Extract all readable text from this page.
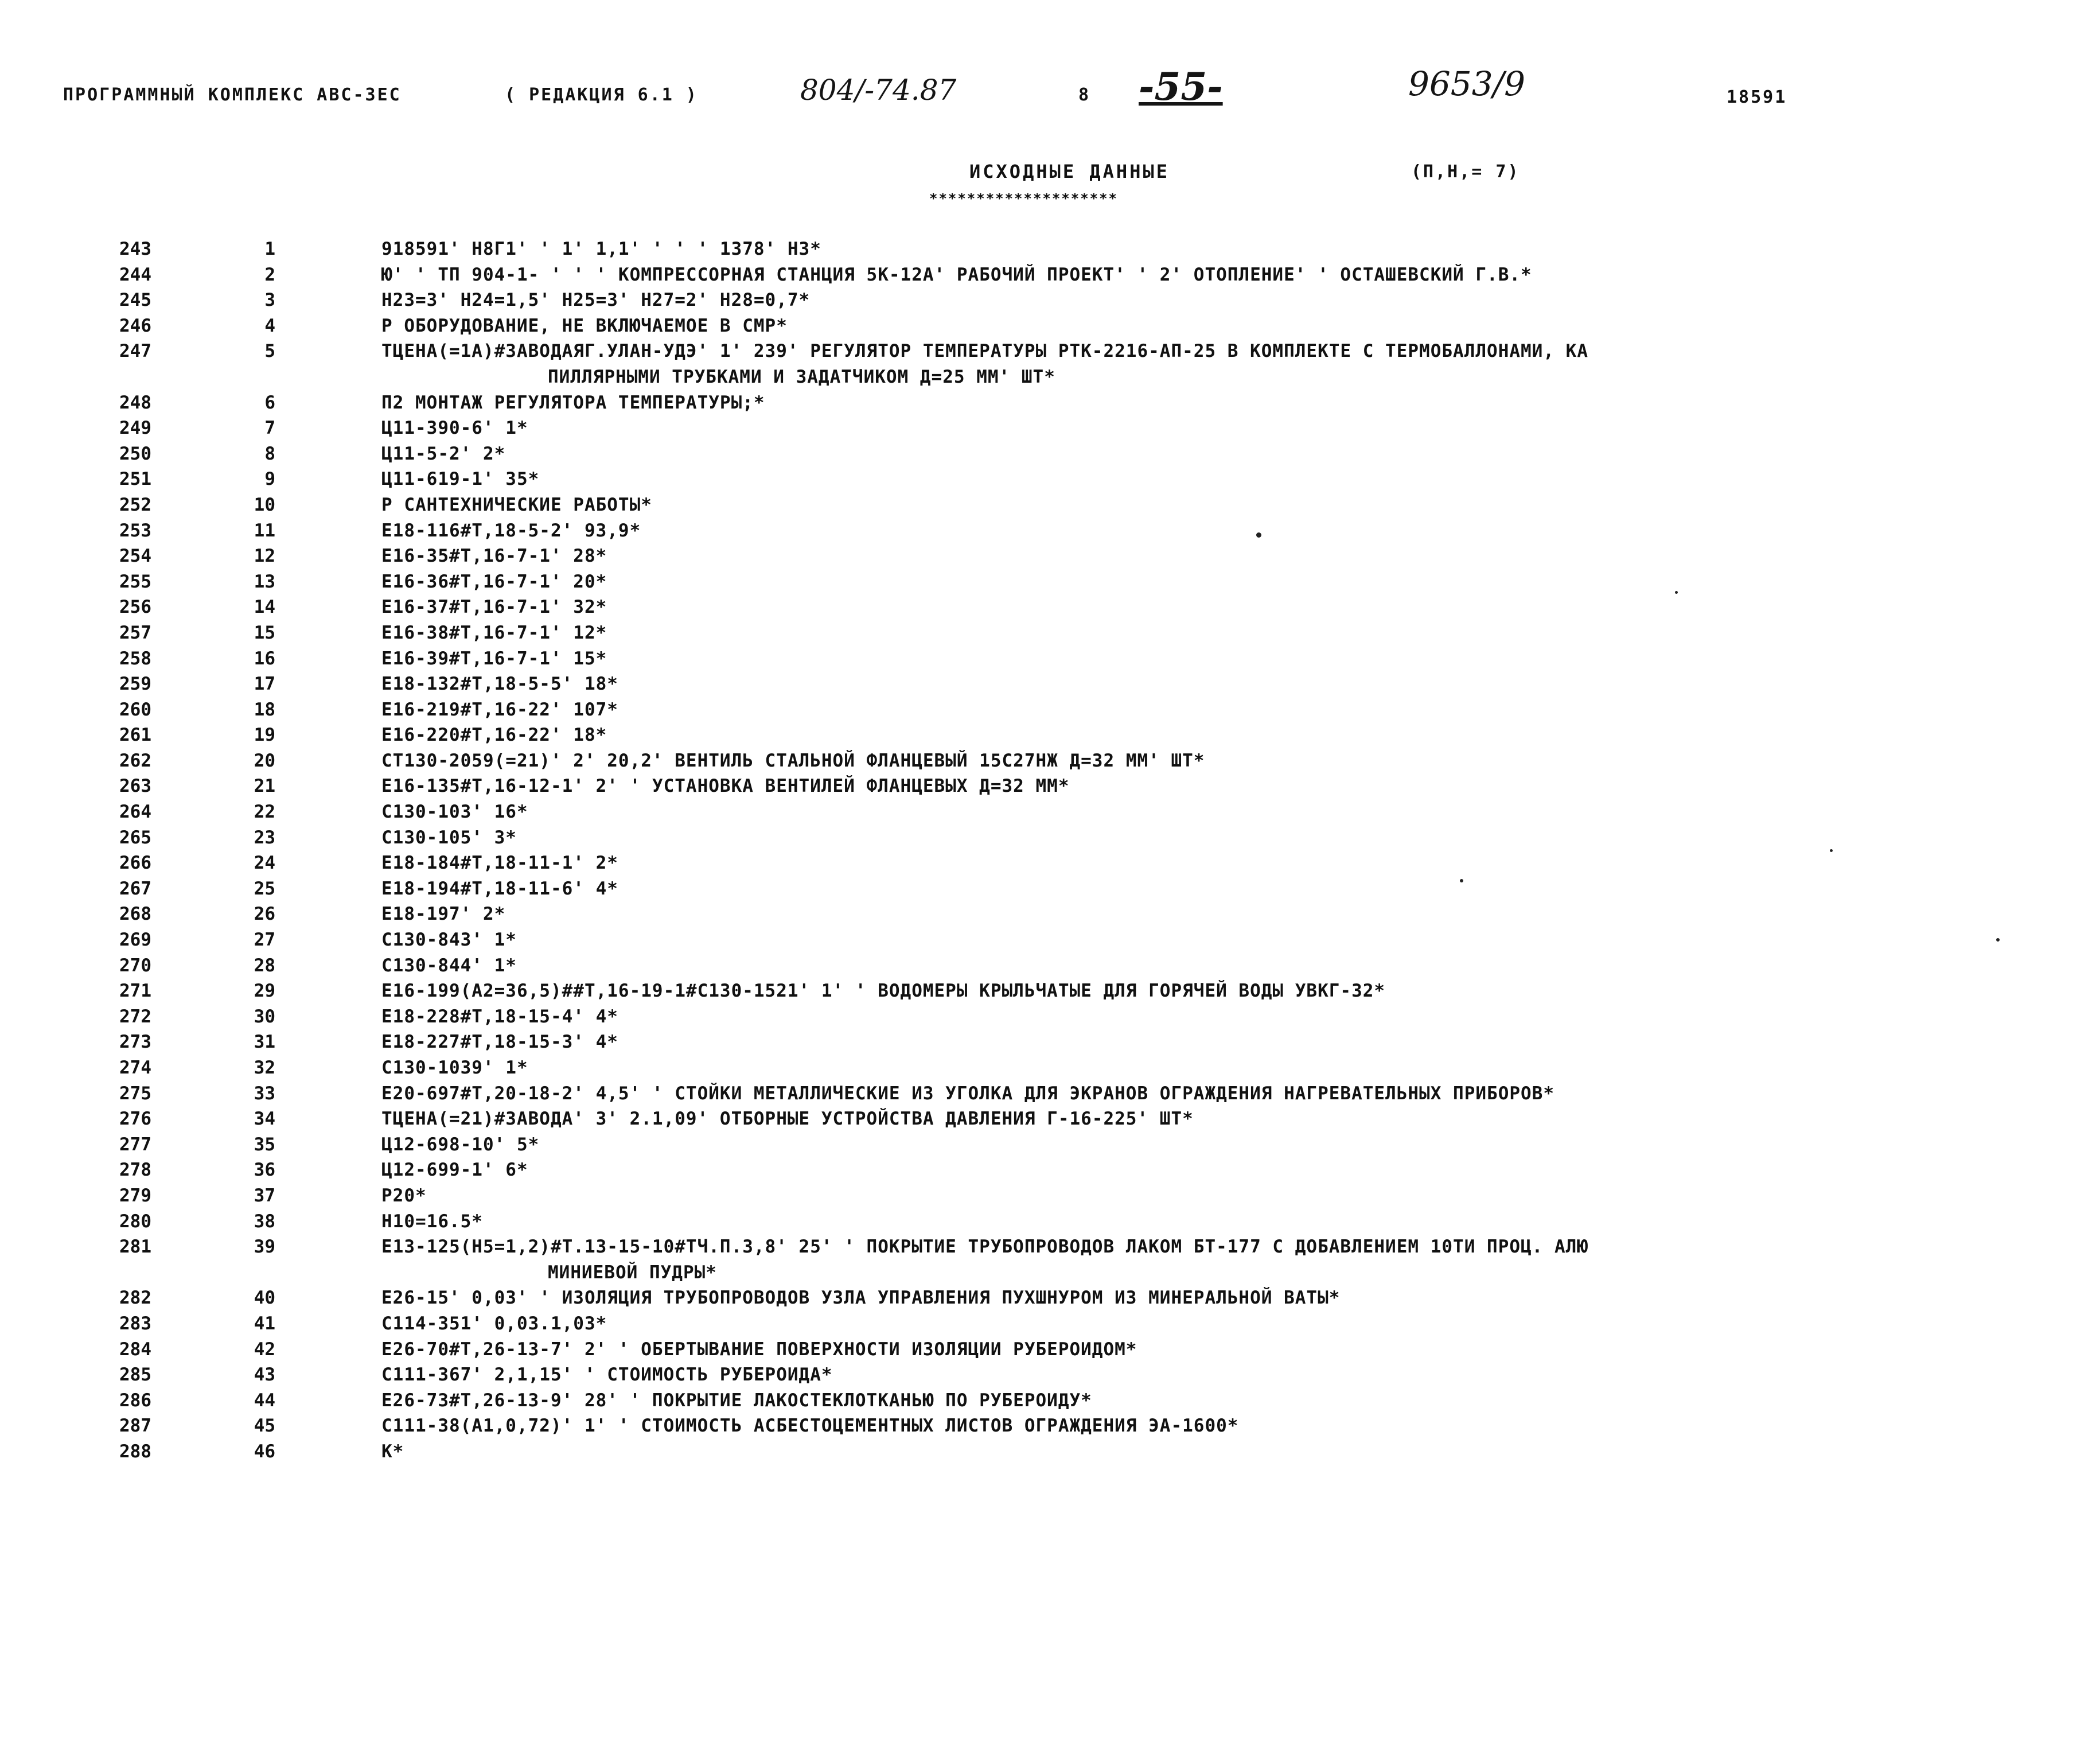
ПРОГРАММНЫЙ КОМПЛЕКС АВС-ЗЕС	( РЕДАКЦИЯ 6.1 )	804/-74.87	8 -55-	9653/9	18591
ИСХОДНЫЕ ДАННЫЕ
********************
(П,Н,= 7)
243	1	918591' Н8Г1' ' 1' 1,1' ' ' ' 1378' НЗ*
244	2	Ю' ' ТП 904-1- ' ' ' КОМПРЕССОРНАЯ СТАНЦИЯ 5К-12А' РАБОЧИЙ ПРОЕКТ' ' 2' ОТОПЛЕНИЕ' ' ОСТАШЕВСКИЙ Г.В.*
245	3	Н23=3' Н24=1,5' Н25=3' Н27=2' Н28=0,7*
246	4	Р ОБОРУДОВАНИЕ, НЕ ВКЛЮЧАЕМОЕ В СМР*
247	5	ТЦЕНА(=1А)#ЗАВОДАЯГ.УЛАН-УДЭ' 1' 239' РЕГУЛЯТОР ТЕМПЕРАТУРЫ РТК-2216-АП-25 В КОМПЛЕКТЕ С ТЕРМОБАЛЛОНАМИ, КА
ПИЛЛЯРНЫМИ ТРУБКАМИ И ЗАДАТЧИКОМ Д=25 ММ' ШТ*
248	6	П2 МОНТАЖ РЕГУЛЯТОРА ТЕМПЕРАТУРЫ;*
249	7	Ц11-390-6' 1*
250	8	Ц11-5-2' 2*
251	9	Ц11-619-1' 35*
252	10	Р САНТЕХНИЧЕСКИЕ РАБОТЫ*
253	11	Е18-116#Т,18-5-2' 93,9*
254	12	Е16-35#Т,16-7-1' 28*
255	13	Е16-36#Т,16-7-1' 20*
256	14	Е16-37#Т,16-7-1' 32*
257	15	Е16-38#Т,16-7-1' 12*
258	16	Е16-39#Т,16-7-1' 15*
259	17	Е18-132#Т,18-5-5' 18*
260	18	Е16-219#Т,16-22' 107*
261	19	Е16-220#Т,16-22' 18*
262	20	СТ130-2059(=21)' 2' 20,2' ВЕНТИЛЬ СТАЛЬНОЙ ФЛАНЦЕВЫЙ 15С27НЖ Д=32 ММ' ШТ*
263	21	Е16-135#Т,16-12-1' 2' ' УСТАНОВКА ВЕНТИЛЕЙ ФЛАНЦЕВЫХ Д=32 ММ*
264	22	С130-103' 16*
265	23	С130-105' 3*
266	24	Е18-184#Т,18-11-1' 2*
267	25	Е18-194#Т,18-11-6' 4*
268	26	Е18-197' 2*
269	27	С130-843' 1*
270	28	С130-844' 1*
271	29	Е16-199(А2=36,5)##Т,16-19-1#С130-1521' 1' ' ВОДОМЕРЫ КРЫЛЬЧАТЫЕ ДЛЯ ГОРЯЧЕЙ ВОДЫ УВКГ-32*
272	30	Е18-228#Т,18-15-4' 4*
273	31	Е18-227#Т,18-15-3' 4*
274	32	С130-1039' 1*
275	33	Е20-697#Т,20-18-2' 4,5' ' СТОЙКИ МЕТАЛЛИЧЕСКИЕ ИЗ УГОЛКА ДЛЯ ЭКРАНОВ ОГРАЖДЕНИЯ НАГРЕВАТЕЛЬНЫХ ПРИБОРОВ*
276	34	ТЦЕНА(=21)#ЗАВОДА' 3' 2.1,09' ОТБОРНЫЕ УСТРОЙСТВА ДАВЛЕНИЯ Г-16-225' ШТ*
277	35	Ц12-698-10' 5*
278	36	Ц12-699-1' 6*
279	37	Р20*
280	38	Н10=16.5*
281	39	Е13-125(Н5=1,2)#Т.13-15-10#ТЧ.П.3,8' 25' ' ПОКРЫТИЕ ТРУБОПРОВОДОВ ЛАКОМ БТ-177 С ДОБАВЛЕНИЕМ 10ТИ ПРОЦ. АЛЮ
МИНИЕВОЙ ПУДРЫ*
282	40	Е26-15' 0,03' ' ИЗОЛЯЦИЯ ТРУБОПРОВОДОВ УЗЛА УПРАВЛЕНИЯ ПУХШНУРОМ ИЗ МИНЕРАЛЬНОЙ ВАТЫ*
283	41	С114-351' 0,03.1,03*
284	42	Е26-70#Т,26-13-7' 2' ' ОБЕРТЫВАНИЕ ПОВЕРХНОСТИ ИЗОЛЯЦИИ РУБЕРОИДОМ*
285	43	С111-367' 2,1,15' ' СТОИМОСТЬ РУБЕРОИДА*
286	44	Е26-73#Т,26-13-9' 28' ' ПОКРЫТИЕ ЛАКОСТЕКЛОТКАНЬЮ ПО РУБЕРОИДУ*
287	45	С111-38(А1,0,72)' 1' ' СТОИМОСТЬ АСБЕСТОЦЕМЕНТНЫХ ЛИСТОВ ОГРАЖДЕНИЯ ЭА-1600*
288	46	К*
